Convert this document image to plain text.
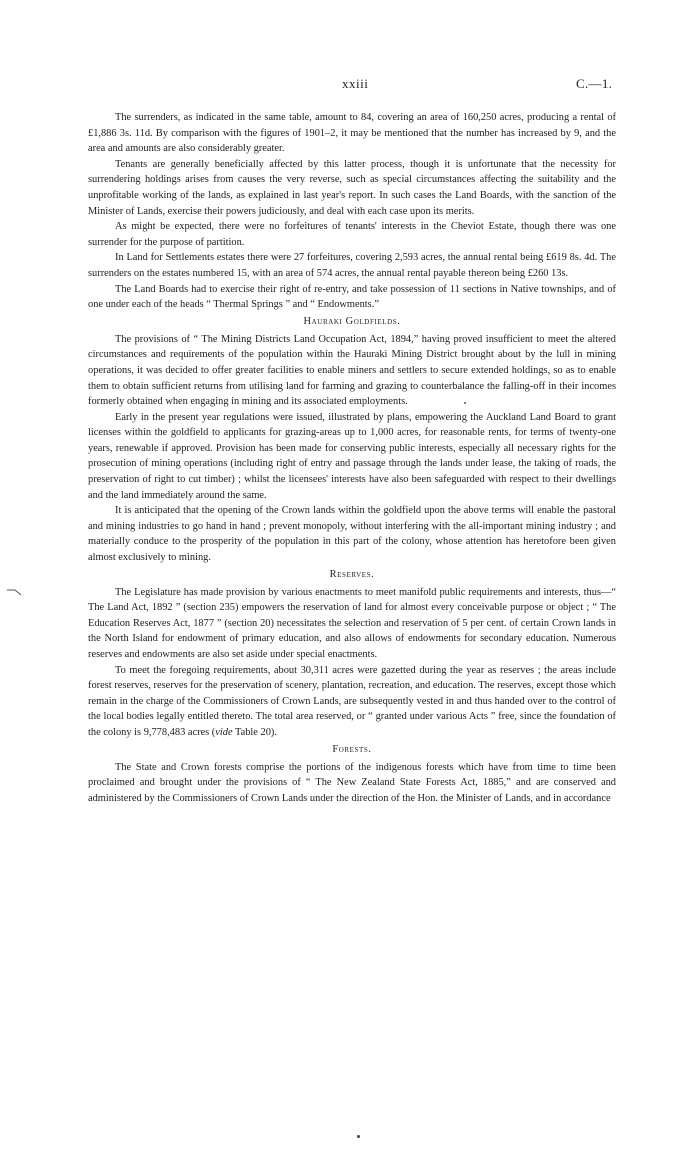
xxiii	C.—1.

The surrenders, as indicated in the same table, amount to 84, covering an area of 160,250 acres, producing a rental of £1,886 3s. 11d. By comparison with the figures of 1901–2, it may be mentioned that the number has increased by 9, and the area and amounts are also considerably greater.

Tenants are generally beneficially affected by this latter process, though it is unfortunate that the necessity for surrendering holdings arises from causes the very reverse, such as special circumstances affecting the suitability and the unprofitable working of the lands, as explained in last year's report. In such cases the Land Boards, with the sanction of the Minister of Lands, exercise their powers judiciously, and deal with each case upon its merits.

As might be expected, there were no forfeitures of tenants' interests in the Cheviot Estate, though there was one surrender for the purpose of partition.

In Land for Settlements estates there were 27 forfeitures, covering 2,593 acres, the annual rental being £619 8s. 4d. The surrenders on the estates numbered 15, with an area of 574 acres, the annual rental payable thereon being £260 13s.

The Land Boards had to exercise their right of re-entry, and take possession of 11 sections in Native townships, and of one under each of the heads “ Thermal Springs ” and “ Endowments.”

Hauraki Goldfields.

The provisions of “ The Mining Districts Land Occupation Act, 1894,” having proved insufficient to meet the altered circumstances and requirements of the population within the Hauraki Mining District brought about by the lull in mining operations, it was decided to offer greater facilities to enable miners and settlers to secure extended holdings, so as to enable them to obtain sufficient returns from utilising land for farming and grazing to counterbalance the falling-off in their incomes formerly obtained when engaging in mining and its associated employments.

Early in the present year regulations were issued, illustrated by plans, empowering the Auckland Land Board to grant licenses within the goldfield to applicants for grazing-areas up to 1,000 acres, for reasonable rents, for terms of twenty-one years, renewable if approved. Provision has been made for conserving public interests, especially all necessary rights for the prosecution of mining operations (including right of entry and passage through the lands under lease, the taking of roads, the preservation of right to cut timber) ; whilst the licensees' interests have also been safeguarded with respect to their dwellings and the land immediately around the same.

It is anticipated that the opening of the Crown lands within the goldfield upon the above terms will enable the pastoral and mining industries to go hand in hand ; prevent monopoly, without interfering with the all-important mining industry ; and materially conduce to the prosperity of the population in this part of the colony, whose attention has heretofore been given almost exclusively to mining.

Reserves.

The Legislature has made provision by various enactments to meet manifold public requirements and interests, thus—“ The Land Act, 1892 ” (section 235) empowers the reservation of land for almost every conceivable purpose or object ; “ The Education Reserves Act, 1877 ” (section 20) necessitates the selection and reservation of 5 per cent. of certain Crown lands in the North Island for endowment of primary education, and also allows of endowments for secondary education. Numerous reserves and endowments are also set aside under special enactments.

To meet the foregoing requirements, about 30,311 acres were gazetted during the year as reserves ; the areas include forest reserves, reserves for the preservation of scenery, plantation, recreation, and education. The reserves, except those which remain in the charge of the Commissioners of Crown Lands, are subsequently vested in and thus handed over to the control of the local bodies legally entitled thereto. The total area reserved, or “ granted under various Acts ” free, since the foundation of the colony is 9,778,483 acres (vide Table 20).

Forests.

The State and Crown forests comprise the portions of the indigenous forests which have from time to time been proclaimed and brought under the provisions of “ The New Zealand State Forests Act, 1885,” and are conserved and administered by the Commissioners of Crown Lands under the direction of the Hon. the Minister of Lands, and in accordance
